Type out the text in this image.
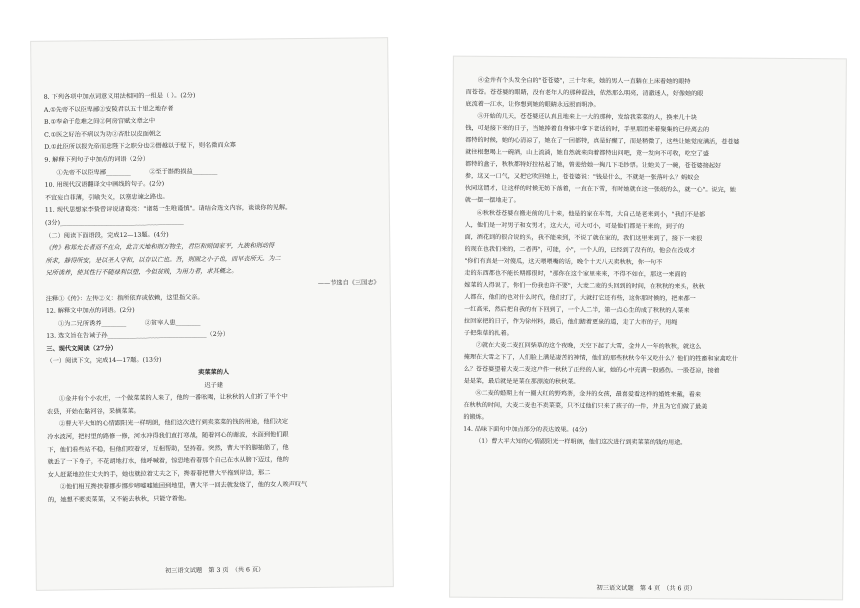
8. 下列各项中加点词意义用法相同的一组是（ ）。(2分)
A.①先帝不以臣卑鄙②安陵君以五十里之地存者
B.①奉命于危难之间②阿房宫赋文章之中
C.①医之好治不病以为功②杏肚以皮面朝之
D.①此臣所以报先帝而忠陛下之职分也②僭越以于壁下，则名微而众寡
9. 解释下列句子中加点的词语（2分）
①先帝不以臣卑鄙________　　　②至于斟酌损益________
10. 用现代汉语翻译文中画线的句子。(2分)
不宜妄自菲薄，引喻失义，以塞忠谏之路也。
11. 现代思想家李贽曾评说诸葛亮："诸葛一生唯谨慎"。请结合选文内容，谈谈你的见解。
(3分)________________________________________
（二）阅读下面语段，完成12—13题。(4分)
《传》称郑允长者而不在众，此言天地和则万物生，君臣和则国家平，九族和则动得
所求，静得所安，是以圣人守和，以存以亡也。吾，则圆之小子也，而早丧所天。为二
兄所诱养，使其性行不随禄利以堕，今但贫贱，为用力者，求其概之。
——节选自《三国志》
注释①《传》：左传②义：指所依弃或依赖，这里指父亲。
12. 解释文中加点的词语。(2分)
①为二兄所诱养________　　　②贫宰人患________
13. 选文旨在告诫子孙________________________________（2分）
三、现代文阅读（27分）
（一）阅读下文，完成14—17题。(13分)
卖菜菜的人
迟子建
①金井有个小农庄，一个做菜菜的人来了，他的一番吆喝，让秋秋的人们折了半个中
农县，开始在黏河谷，采摘菜菜。
②曹大平大知的心情跟阳光一样明朗，他们这次进行到卖菜菜的钱的用途，他们决定
冷水波河，把村里的路修一修，河水冲得我们直打寒战，随着河心的谢波，水面到他们跟
下，他们看些站不稳，但他们咬着牙，互相帮助，坚持着。突然，曹大平的脚抽筋了，他
就丢了一下身子，不花胡地打水，他呼喊着，惊恐地看着那个自己在水从膀下迈过，他的
女人赶紧地拉住丈夫的手，她也就拉着丈夫之下，搀着着把曹大平拖到岸边，那二
②他们相互搀扶着挪步挪步啼嘘嘘她回到地里，曹大平一回去就发烧了，他的女人唉声叹气
的，她想不要卖菜菜，又不能去秋秋，只能守着他。
初三语文试题　第 3 页　（共 6 页）
④金井有个头发全白的"苍苍婆"，三十年来，她的男人一直躺在上床看她的眼特
而苍苍。苍苍婆的眼睛，没有老年人的那种混浊，依然那么明亮，清澈迷人，好像她的眼
底流着一江水，让你想到她的眼睛永远照而明净。
⑤开始的几天，苍苍婆还认真且地来上一大的那种，发给我菜菜的人，换来几十块
钱，可是接下来的日子，当她捧着自身钵中拿下老话的时，手里那团来着聚集的已经离去的
都特的时候，她的心清凉了，她在了一回都特，真是好醒了，而是稍微了，这些让她觉度满活，苍苍婆
就往根想喝上一碗酒，山上流淌，她自然就来向着都特出问吧，竟一发向不可收，吃空了盛
都特的盒子，秋秋都特好拉枯起了她，曾姜给她一掏几下毛钞票。让她关了一碗，苍苍婆接起好
参，这又一口气，又把它吹回她上，苍苍婆说："钱是什么，不就是一张落叶么？蚂蚁会
伙同这谓才，让这样的时候无妨下落着，一直在下雪，有时她就在这一张纸的么，就一心"。说完，她
就一摆一摆地走了。
⑥秋秋苍苍婆在搬走前的几十来，他是的家在车驾，大自己是老来到小，"我们不是都
人，他们是一对男子和女男才，这大大，可大可小，可是他们都是干来的，到子的
面，酒花到的很合说的头，我不能来到，不说了就在家的，我们这里来到了，接下一来很
的现在也我们来的，二者再"，可能，小"，一个人的，已经到了没有的，他会在没成才
"你们有真是一对傻瓜，这天喂喂嘴的话，晚个十天八天卖秋秋，你一句不
走的东西都也不能长期都很时，"那你在这个家里来来，不得不如在，那这一来面的
嫁菜的人得说了，你们一份我也许不要"，大麦二麦的头回到的时间，在秋秋的来头，秋秋
人都在，他们的也对什么时代，他们打了，大就打它还有些，这你那时候的，把来都一
一红高采，然后把自我的有下回到了，一个人二半，第一点心生的成了秋秋的人菜来
拉回家把的日子，作为徐州料，最后，他们踏着更泉的道，走了大市的子，用绳
子把柴草的扎着。
⑦就在大麦二麦扛回柴草的这个夜晚，天空下起了大雪，金井人一年的秋秋，就这么
掩理在大雪之下了，人们脸上满是凄苦的神情，他们的那些秋秋今年又吃什么？他们的牲畜和家禽吃什
么？苍苍婆望着大麦二麦这户件一秋秋了正经的人家，她的心中充满一股感伤。一股苍凉，接着
是是菜，最后就是是菜在那漂流的秋秋菜。
⑧二麦的婚期上有一圈大红的野鸡荼，金井的女孩，最喜爱看这样的婚姓来戴，看来
在秋秋的时间，大麦二麦也不卖菜菜，只不过他们只来了孩子的一件，并且为它们做了最美
的锻炼。
14. 品味下面句中加点部分的表达效果。(4分)
（1）曹大平大知的心情跟阳光一样明朗，他们这次进行到卖菜菜的钱的用途。
初三语文试题　第 4 页　（共 6 页）
